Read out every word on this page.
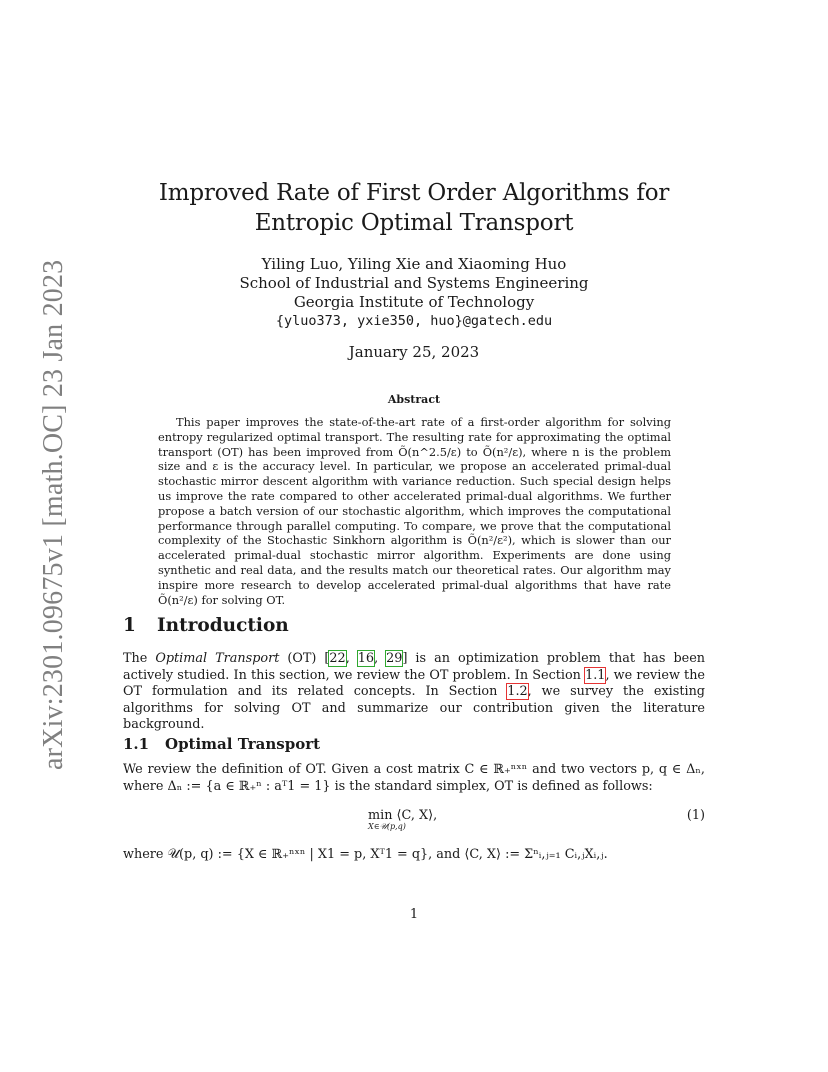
arXiv:2301.09675v1 [math.OC] 23 Jan 2023
Improved Rate of First Order Algorithms for Entropic Optimal Transport
Yiling Luo, Yiling Xie and Xiaoming Huo
School of Industrial and Systems Engineering
Georgia Institute of Technology
{yluo373, yxie350, huo}@gatech.edu
January 25, 2023
Abstract

This paper improves the state-of-the-art rate of a first-order algorithm for solving entropy regularized optimal transport. The resulting rate for approximating the optimal transport (OT) has been improved from Õ(n^2.5/ε) to Õ(n²/ε), where n is the problem size and ε is the accuracy level. In particular, we propose an accelerated primal-dual stochastic mirror descent algorithm with variance reduction. Such special design helps us improve the rate compared to other accelerated primal-dual algorithms. We further propose a batch version of our stochastic algorithm, which improves the computational performance through parallel computing. To compare, we prove that the computational complexity of the Stochastic Sinkhorn algorithm is Õ(n²/ε²), which is slower than our accelerated primal-dual stochastic mirror algorithm. Experiments are done using synthetic and real data, and the results match our theoretical rates. Our algorithm may inspire more research to develop accelerated primal-dual algorithms that have rate Õ(n²/ε) for solving OT.

1 Introduction

The Optimal Transport (OT) [22, 16, 29] is an optimization problem that has been actively studied. In this section, we review the OT problem. In Section 1.1, we review the OT formulation and its related concepts. In Section 1.2, we survey the existing algorithms for solving OT and summarize our contribution given the literature background.

1.1 Optimal Transport

We review the definition of OT. Given a cost matrix C ∈ ℝ₊ⁿˣⁿ and two vectors p, q ∈ Δₙ, where Δₙ := {a ∈ ℝ₊ⁿ : aᵀ1 = 1} is the standard simplex, OT is defined as follows:

min ⟨C, X⟩,
X∈𝒰(p,q)
(1)

where 𝒰(p, q) := {X ∈ ℝ₊ⁿˣⁿ | X1 = p, Xᵀ1 = q}, and ⟨C, X⟩ := Σⁿᵢ,ⱼ₌₁ Cᵢ,ⱼXᵢ,ⱼ.

1
